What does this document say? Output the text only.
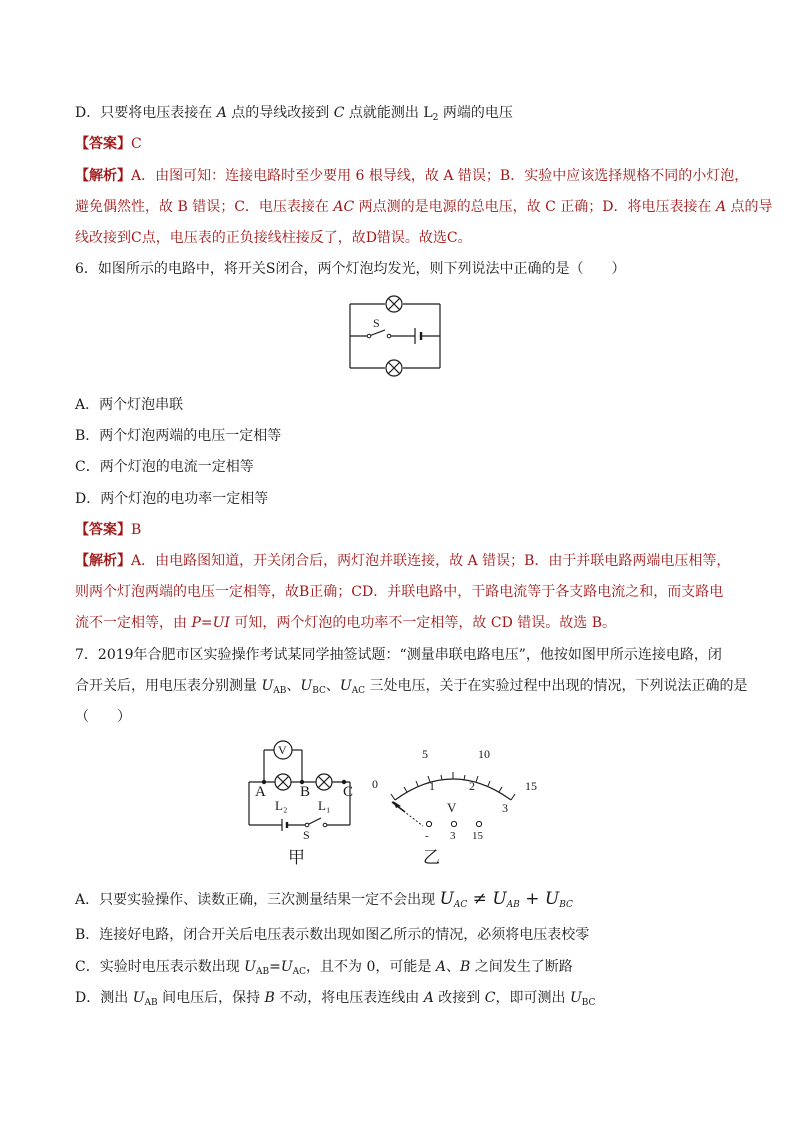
D．只要将电压表接在 A 点的导线改接到 C 点就能测出 $L_2$ 两端的电压
【答案】C
【解析】A．由图可知：连接电路时至少要用 6 根导线，故 A 错误；B．实验中应该选择规格不同的小灯泡，
避免偶然性，故 B 错误；C．电压表接在 AC 两点测的是电源的总电压，故 C 正确；D．将电压表接在 A 点的导
线改接到C点，电压表的正负接线柱接反了，故D错误。故选C。
6．如图所示的电路中，将开关S闭合，两个灯泡均发光，则下列说法中正确的是（　　）
S
A．两个灯泡串联
B．两个灯泡两端的电压一定相等
C．两个灯泡的电流一定相等
D．两个灯泡的电功率一定相等
【答案】B
【解析】A．由电路图知道，开关闭合后，两灯泡并联连接，故 A 错误；B．由于并联电路两端电压相等，
则两个灯泡两端的电压一定相等，故B正确；CD．并联电路中，干路电流等于各支路电流之和，而支路电
流不一定相等，由 P=UI 可知，两个灯泡的电功率不一定相等，故 CD 错误。故选 B。
7．2019年合肥市区实验操作考试某同学抽签试题：“测量串联电路电压”，他按如图甲所示连接电路，闭
合开关后，用电压表分别测量 $U_{AB}$、$U_{BC}$、$U_{AC}$ 三处电压，关于在实验过程中出现的情况，下列说法正确的是
（　　）
V
A B C
L₂ L₁
S
甲
5	10
15
0	1	2
3
V
- 3 15
乙
A．只要实验操作、读数正确，三次测量结果一定不会出现 $U_{AC} \ne U_{AB} + U_{BC}$
B．连接好电路，闭合开关后电压表示数出现如图乙所示的情况，必须将电压表校零
C．实验时电压表示数出现 $U_{AB}=U_{AC}$，且不为 0，可能是 A、B 之间发生了断路
D．测出 $U_{AB}$ 间电压后，保持 B 不动，将电压表连线由 A 改接到 C，即可测出 $U_{BC}$
